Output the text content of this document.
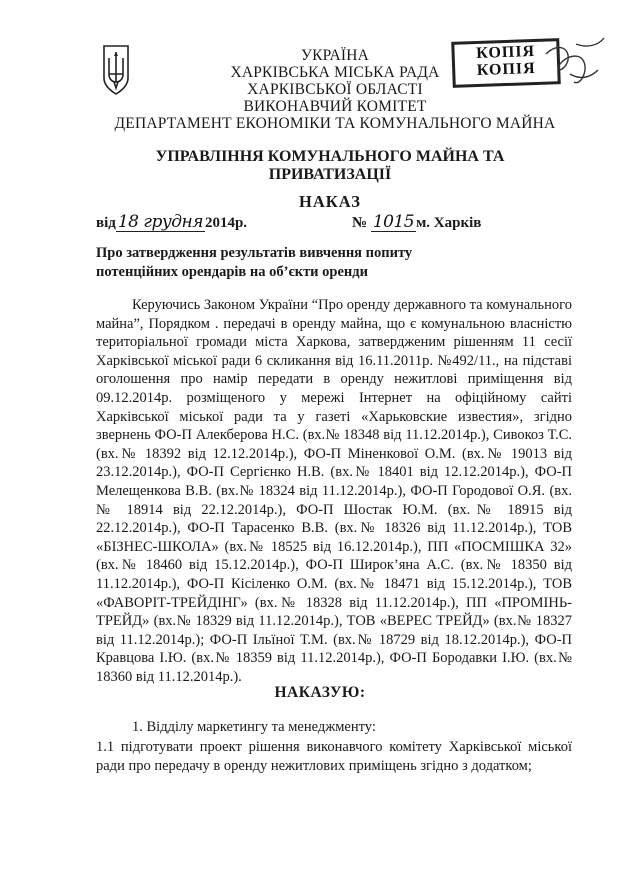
КОПІЯ
КОПІЯ
УКРАЇНА
ХАРКІВСЬКА МІСЬКА РАДА
ХАРКІВСЬКОЇ ОБЛАСТІ
ВИКОНАВЧИЙ КОМІТЕТ
ДЕПАРТАМЕНТ ЕКОНОМІКИ ТА КОМУНАЛЬНОГО МАЙНА
УПРАВЛІННЯ КОМУНАЛЬНОГО МАЙНА ТА
ПРИВАТИЗАЦІЇ
НАКАЗ
від 18 грудня 2014р.	№ 1015 м. Харків
Про затвердження результатів вивчення попиту потенційних орендарів на об’єкти оренди
Керуючись Законом України “Про оренду державного та комунального майна”, Порядком . передачі в оренду майна, що є комунальною власністю територіальної громади міста Харкова, затвердженим рішенням 11 сесії Харківської міської ради 6 скликання від 16.11.2011р. №492/11., на підставі оголошення про намір передати в оренду нежитлові приміщення від 09.12.2014р. розміщеного у мережі Інтернет на офіційному сайті Харківської міської ради та у газеті «Харьковские известия», згідно звернень ФО-П Алекберова Н.С. (вх.№ 18348 від 11.12.2014р.), Сивокоз Т.С. (вх.№ 18392 від 12.12.2014р.), ФО-П Міненкової О.М. (вх.№ 19013 від 23.12.2014р.), ФО-П Сергієнко Н.В. (вх.№ 18401 від 12.12.2014р.), ФО-П Мелещенкова В.В. (вх.№ 18324 від 11.12.2014р.), ФО-П Городової О.Я. (вх.№ 18914 від 22.12.2014р.), ФО-П Шостак Ю.М. (вх.№ 18915 від 22.12.2014р.), ФО-П Тарасенко В.В. (вх.№ 18326 від 11.12.2014р.), ТОВ «БІЗНЕС-ШКОЛА» (вх.№ 18525 від 16.12.2014р.), ПП «ПОСМІШКА 32» (вх.№ 18460 від 15.12.2014р.), ФО-П Широк’яна А.С. (вх.№ 18350 від 11.12.2014р.), ФО-П Кісіленко О.М. (вх.№ 18471 від 15.12.2014р.), ТОВ «ФАВОРІТ-ТРЕЙДІНГ» (вх.№ 18328 від 11.12.2014р.), ПП «ПРОМІНЬ-ТРЕЙД» (вх.№ 18329 від 11.12.2014р.), ТОВ «ВЕРЕС ТРЕЙД» (вх.№ 18327 від 11.12.2014р.); ФО-П Ільїної Т.М. (вх.№ 18729 від 18.12.2014р.), ФО-П Кравцова І.Ю. (вх.№ 18359 від 11.12.2014р.), ФО-П Бородавки І.Ю. (вх.№ 18360 від 11.12.2014р.).
НАКАЗУЮ:
1. Відділу маркетингу та менеджменту:
1.1 підготувати проект рішення виконавчого комітету Харківської міської ради про передачу в оренду нежитлових приміщень згідно з додатком;
